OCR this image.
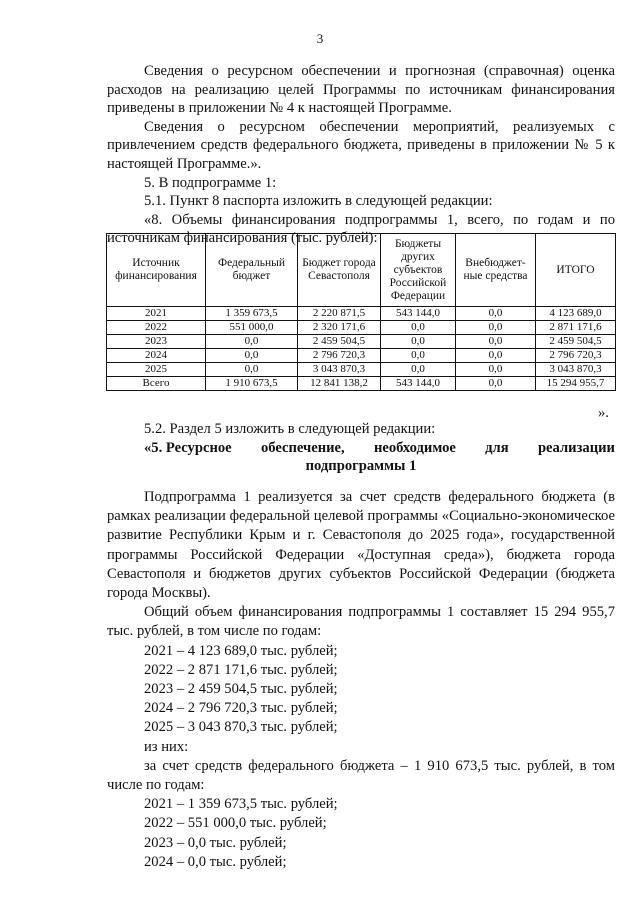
3

Сведения о ресурсном обеспечении и прогнозная (справочная) оценка расходов на реализацию целей Программы по источникам финансирования приведены в приложении № 4 к настоящей Программе.

Сведения о ресурсном обеспечении мероприятий, реализуемых с привлечением средств федерального бюджета, приведены в приложении № 5 к настоящей Программе.».

5. В подпрограмме 1:

5.1. Пункт 8 паспорта изложить в следующей редакции:

«8. Объемы финансирования подпрограммы 1, всего, по годам и по источникам финансирования (тыс. рублей):

Источник финансирования	Федеральный бюджет	Бюджет города Севастополя	Бюджеты других субъектов Российской Федерации	Внебюджет-ные средства	ИТОГО
2021	1 359 673,5	2 220 871,5	543 144,0	0,0	4 123 689,0
2022	551 000,0	2 320 171,6	0,0	0,0	2 871 171,6
2023	0,0	2 459 504,5	0,0	0,0	2 459 504,5
2024	0,0	2 796 720,3	0,0	0,0	2 796 720,3
2025	0,0	3 043 870,3	0,0	0,0	3 043 870,3
Всего	1 910 673,5	12 841 138,2	543 144,0	0,0	15 294 955,7
».

5.2. Раздел 5 изложить в следующей редакции:

«5. Ресурсное обеспечение, необходимое для реализации
подпрограммы 1

Подпрограмма 1 реализуется за счет средств федерального бюджета (в рамках реализации федеральной целевой программы «Социально-экономическое развитие Республики Крым и г. Севастополя до 2025 года», государственной программы Российской Федерации «Доступная среда»), бюджета города Севастополя и бюджетов других субъектов Российской Федерации (бюджета города Москвы).

Общий объем финансирования подпрограммы 1 составляет 15 294 955,7 тыс. рублей, в том числе по годам:

2021 – 4 123 689,0 тыс. рублей;

2022 – 2 871 171,6 тыс. рублей;

2023 – 2 459 504,5 тыс. рублей;

2024 – 2 796 720,3 тыс. рублей;

2025 – 3 043 870,3 тыс. рублей;

из них:

за счет средств федерального бюджета – 1 910 673,5 тыс. рублей, в том числе по годам:

2021 – 1 359 673,5 тыс. рублей;

2022 – 551 000,0 тыс. рублей;

2023 – 0,0 тыс. рублей;

2024 – 0,0 тыс. рублей;
